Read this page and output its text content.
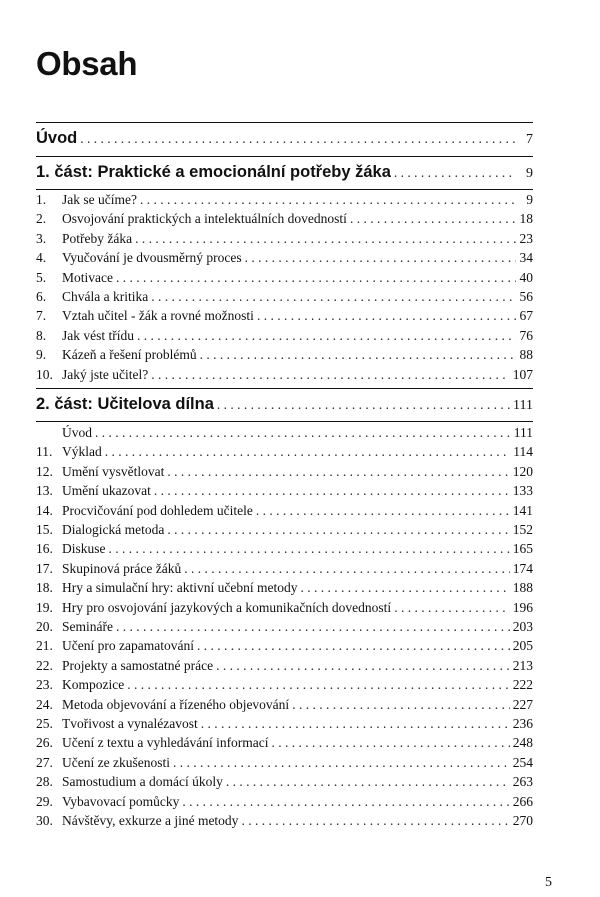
Obsah
Úvod . . .	7
1. část: Praktické a emocionální potřeby žáka . . .	9
1.	Jak se učíme? . . .	9
2.	Osvojování praktických a intelektuálních dovedností . . .	18
3.	Potřeby žáka . . .	23
4.	Vyučování je dvousměrný proces . . .	34
5.	Motivace . . .	40
6.	Chvála a kritika . . .	56
7.	Vztah učitel - žák a rovné možnosti . . .	67
8.	Jak vést třídu . . .	76
9.	Kázeň a řešení problémů . . .	88
10. Jaký jste učitel? . . .	107
2. část: Učitelova dílna . . .	111
Úvod . . .	111
11. Výklad . . .	114
12. Umění vysvětlovat . . .	120
13. Umění ukazovat . . .	133
14. Procvičování pod dohledem učitele . . .	141
15. Dialogická metoda . . .	152
16. Diskuse . . .	165
17. Skupinová práce žáků . . .	174
18. Hry a simulační hry: aktivní učební metody . . .	188
19. Hry pro osvojování jazykových a komunikačních dovedností . . .	196
20. Semináře . . .	203
21. Učení pro zapamatování . . .	205
22. Projekty a samostatné práce . . .	213
23. Kompozice . . .	222
24. Metoda objevování a řízeného objevování . . .	227
25. Tvořivost a vynalézavost . . .	236
26. Učení z textu a vyhledávání informací . . .	248
27. Učení ze zkušenosti . . .	254
28. Samostudium a domácí úkoly . . .	263
29. Vybavovací pomůcky . . .	266
30. Návštěvy, exkurze a jiné metody . . .	270
5
